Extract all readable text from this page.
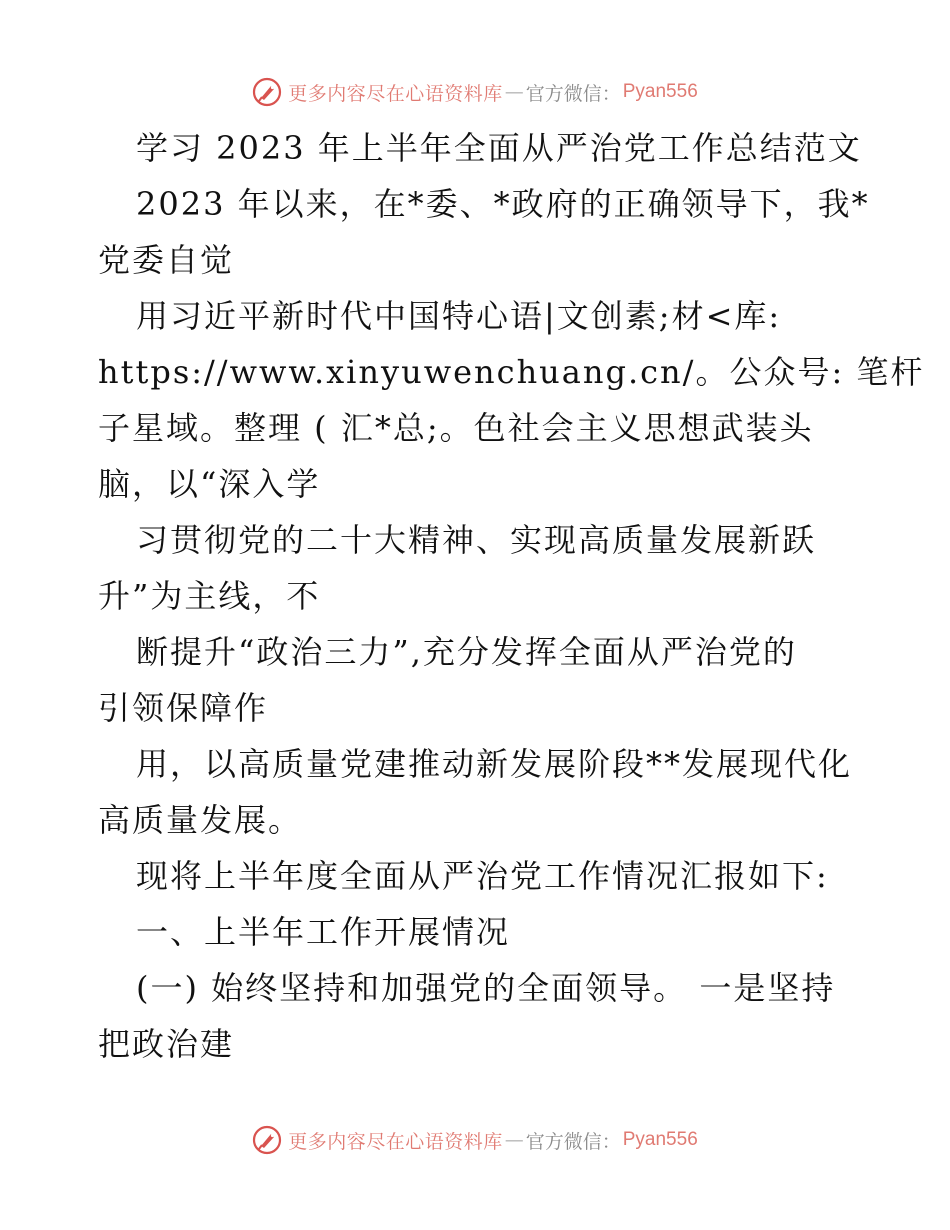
更多内容尽在心语资料库 — 官方微信： Pyan556
学习 2023 年上半年全面从严治党工作总结范文
2023 年以来，在*委、*政府的正确领导下，我*
党委自觉
用习近平新时代中国特心语|文创素;材<库:
https://www.xinyuwenchuang.cn/。公众号: 笔杆
子星域。整理 ( 汇*总;。色社会主义思想武装头
脑，以“深入学
习贯彻党的二十大精神、实现高质量发展新跃
升”为主线，不
断提升“政治三力”,充分发挥全面从严治党的
引领保障作
用，以高质量党建推动新发展阶段**发展现代化
高质量发展。
现将上半年度全面从严治党工作情况汇报如下:
一、上半年工作开展情况
(一) 始终坚持和加强党的全面领导。 一是坚持
把政治建
更多内容尽在心语资料库 — 官方微信： Pyan556
